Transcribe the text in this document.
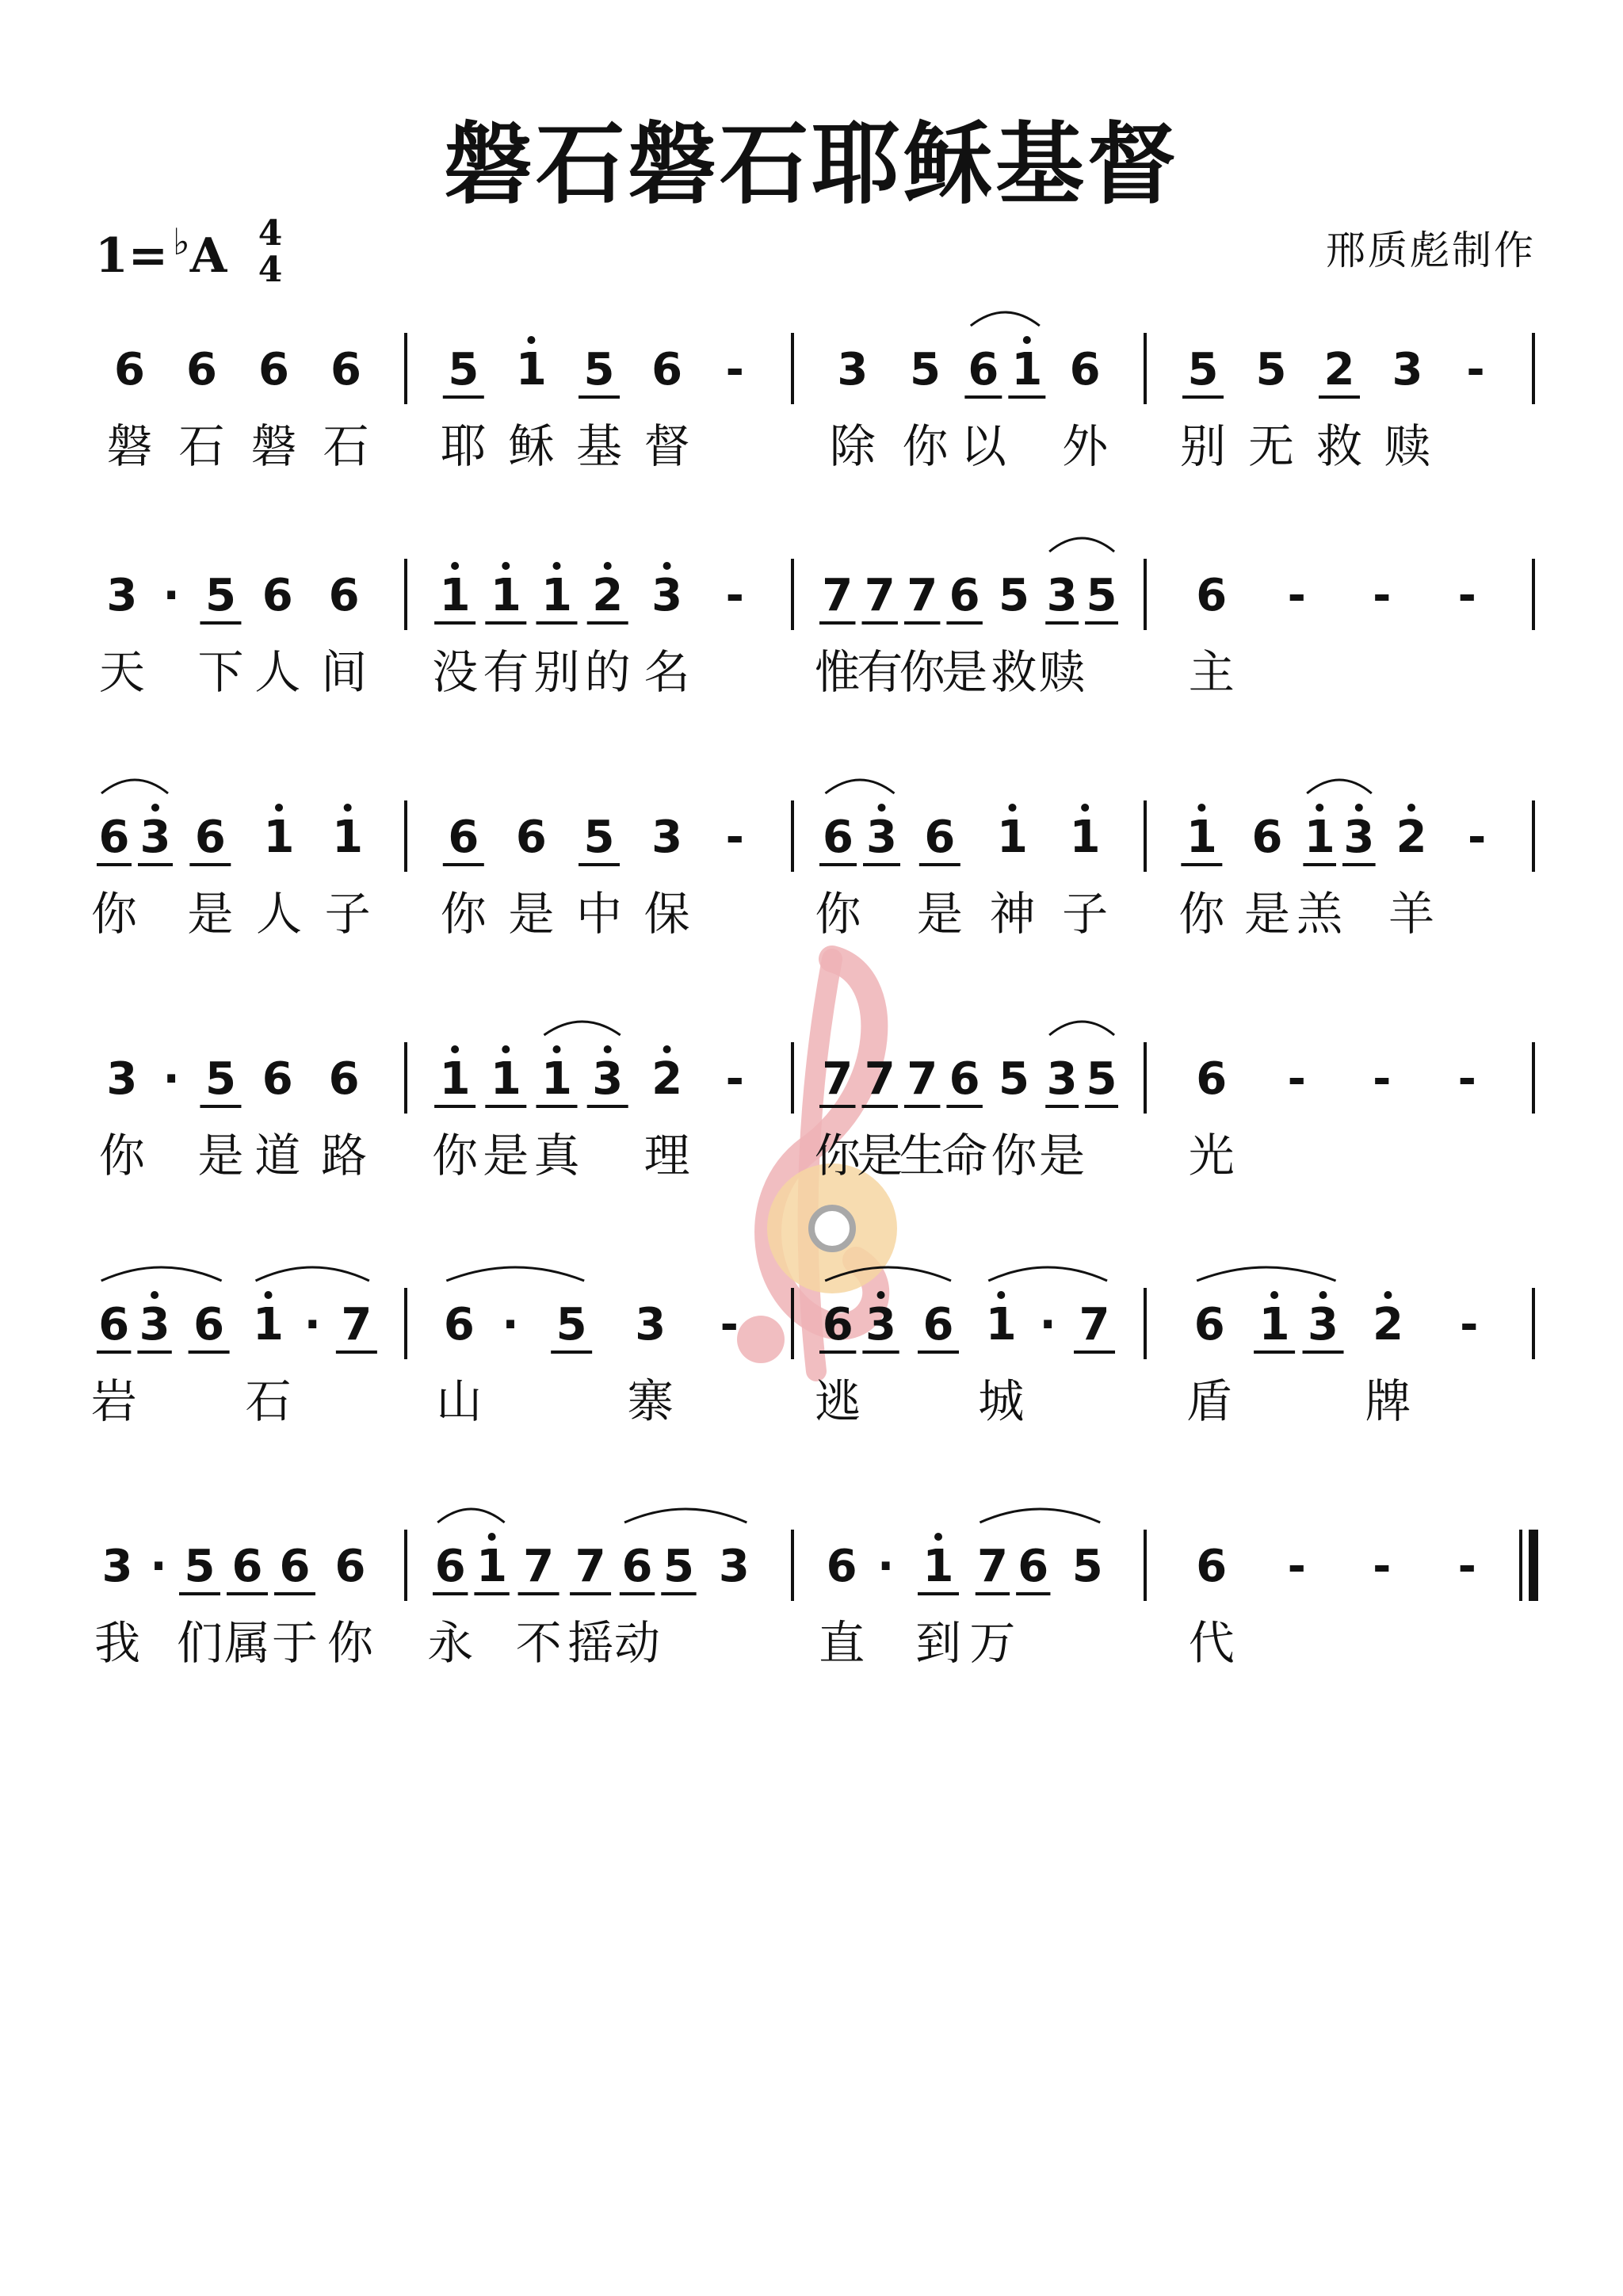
磐石磐石耶稣基督
1= ♭A 4
4	邢质彪制作
6
磐
6
石
6
磐
6
石
5
耶
1
稣
5
基
6
督
- 3
除
5
你
6
以
1 6
外
5
别
5
无
2
救
3
赎
-
3
天
· 5
下
6
人
6
间
1
没
1
有
1
别
2
的
3
名
- 7
惟
7
有
7
你
6
是
5
救
3
赎
5 6
主
- - -
6
你
3 6
是
1
人
1
子
6
你
6
是
5
中
3
保
- 6
你
3 6
是
1
神
1
子
1
你
6
是
1
羔
3 2
羊
-
3
你
· 5
是
6
道
6
路
1
你
1
是
1
真
3 2
理
- 7
你
7
是
7
生
6
命
5
你
3
是
5 6
光
- - -
6
岩
3 6 1
石
· 7 6
山
· 5 3
寨
- 6
逃
3 6 1
城
· 7 6
盾
1 3 2
牌
-
3
我
· 5
们
6
属
6
于
6
你
6
永
1 7
不
7
摇
6
动
5 3 6
直
· 1
到
7
万
6 5 6
代
- - -
